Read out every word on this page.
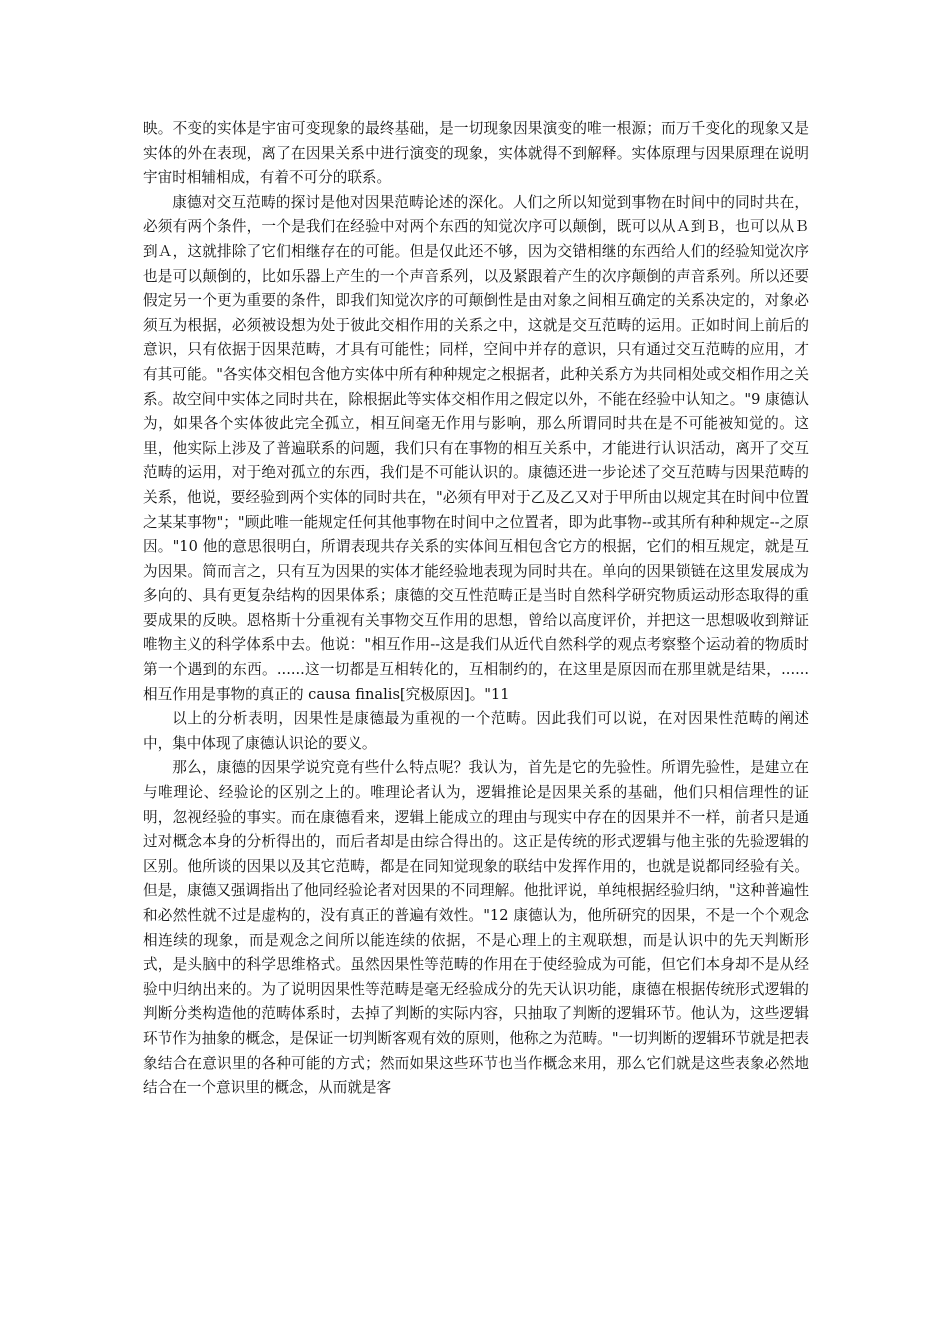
映。不变的实体是宇宙可变现象的最终基础，是一切现象因果演变的唯一根源；而万千变化的现象又是实体的外在表现，离了在因果关系中进行演变的现象，实体就得不到解释。实体原理与因果原理在说明宇宙时相辅相成，有着不可分的联系。

康德对交互范畴的探讨是他对因果范畴论述的深化。人们之所以知觉到事物在时间中的同时共在，必须有两个条件，一个是我们在经验中对两个东西的知觉次序可以颠倒，既可以从Ａ到Ｂ，也可以从Ｂ到Ａ，这就排除了它们相继存在的可能。但是仅此还不够，因为交错相继的东西给人们的经验知觉次序也是可以颠倒的，比如乐器上产生的一个声音系列，以及紧跟着产生的次序颠倒的声音系列。所以还要假定另一个更为重要的条件，即我们知觉次序的可颠倒性是由对象之间相互确定的关系决定的，对象必须互为根据，必须被设想为处于彼此交相作用的关系之中，这就是交互范畴的运用。正如时间上前后的意识，只有依据于因果范畴，才具有可能性；同样，空间中并存的意识，只有通过交互范畴的应用，才有其可能。"各实体交相包含他方实体中所有种种规定之根据者，此种关系方为共同相处或交相作用之关系。故空间中实体之同时共在，除根据此等实体交相作用之假定以外，不能在经验中认知之。"9 康德认为，如果各个实体彼此完全孤立，相互间毫无作用与影响，那么所谓同时共在是不可能被知觉的。这里，他实际上涉及了普遍联系的问题，我们只有在事物的相互关系中，才能进行认识活动，离开了交互范畴的运用，对于绝对孤立的东西，我们是不可能认识的。康德还进一步论述了交互范畴与因果范畴的关系，他说，要经验到两个实体的同时共在，"必须有甲对于乙及乙又对于甲所由以规定其在时间中位置之某某事物"；"顾此唯一能规定任何其他事物在时间中之位置者，即为此事物--或其所有种种规定--之原因。"10 他的意思很明白，所谓表现共存关系的实体间互相包含它方的根据，它们的相互规定，就是互为因果。简而言之，只有互为因果的实体才能经验地表现为同时共在。单向的因果锁链在这里发展成为多向的、具有更复杂结构的因果体系；康德的交互性范畴正是当时自然科学研究物质运动形态取得的重要成果的反映。恩格斯十分重视有关事物交互作用的思想，曾给以高度评价，并把这一思想吸收到辩证唯物主义的科学体系中去。他说："相互作用--这是我们从近代自然科学的观点考察整个运动着的物质时第一个遇到的东西。......这一切都是互相转化的，互相制约的，在这里是原因而在那里就是结果，......相互作用是事物的真正的 causa finalis[究极原因]。"11

以上的分析表明，因果性是康德最为重视的一个范畴。因此我们可以说，在对因果性范畴的阐述中，集中体现了康德认识论的要义。

那么，康德的因果学说究竟有些什么特点呢？我认为，首先是它的先验性。所谓先验性，是建立在与唯理论、经验论的区别之上的。唯理论者认为，逻辑推论是因果关系的基础，他们只相信理性的证明，忽视经验的事实。而在康德看来，逻辑上能成立的理由与现实中存在的因果并不一样，前者只是通过对概念本身的分析得出的，而后者却是由综合得出的。这正是传统的形式逻辑与他主张的先验逻辑的区别。他所谈的因果以及其它范畴，都是在同知觉现象的联结中发挥作用的，也就是说都同经验有关。但是，康德又强调指出了他同经验论者对因果的不同理解。他批评说，单纯根据经验归纳，"这种普遍性和必然性就不过是虚构的，没有真正的普遍有效性。"12 康德认为，他所研究的因果，不是一个个观念相连续的现象，而是观念之间所以能连续的依据，不是心理上的主观联想，而是认识中的先天判断形式，是头脑中的科学思维格式。虽然因果性等范畴的作用在于使经验成为可能，但它们本身却不是从经验中归纳出来的。为了说明因果性等范畴是毫无经验成分的先天认识功能，康德在根据传统形式逻辑的判断分类构造他的范畴体系时，去掉了判断的实际内容，只抽取了判断的逻辑环节。他认为，这些逻辑环节作为抽象的概念，是保证一切判断客观有效的原则，他称之为范畴。"一切判断的逻辑环节就是把表象结合在意识里的各种可能的方式；然而如果这些环节也当作概念来用，那么它们就是这些表象必然地结合在一个意识里的概念，从而就是客
